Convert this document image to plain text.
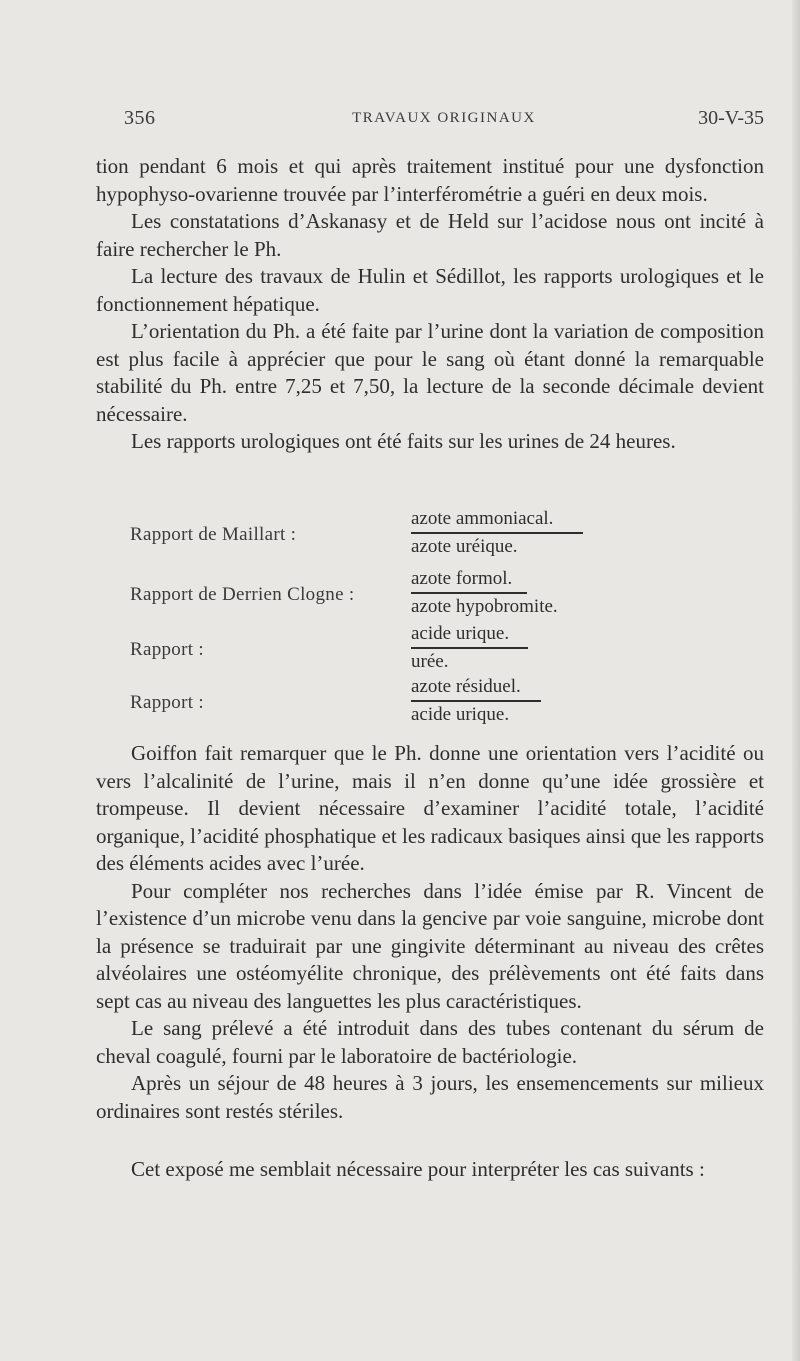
356	TRAVAUX ORIGINAUX	30-V-35

tion pendant 6 mois et qui après traitement institué pour une dysfonction hypophyso-ovarienne trouvée par l’interférométrie a guéri en deux mois.

Les constatations d’Askanasy et de Held sur l’acidose nous ont incité à faire rechercher le Ph.

La lecture des travaux de Hulin et Sédillot, les rapports urologiques et le fonctionnement hépatique.

L’orientation du Ph. a été faite par l’urine dont la variation de composition est plus facile à apprécier que pour le sang où étant donné la remarquable stabilité du Ph. entre 7,25 et 7,50, la lecture de la seconde décimale devient nécessaire.

Les rapports urologiques ont été faits sur les urines de 24 heures.

Rapport de Maillart :
azote ammoniacal.
azote uréique.
Rapport de Derrien Clogne :
azote formol.
azote hypobromite.
Rapport :
acide urique.
urée.
Rapport :
azote résiduel.
acide urique.

Goiffon fait remarquer que le Ph. donne une orientation vers l’acidité ou vers l’alcalinité de l’urine, mais il n’en donne qu’une idée grossière et trompeuse. Il devient nécessaire d’examiner l’acidité totale, l’acidité organique, l’acidité phosphatique et les radicaux basiques ainsi que les rapports des éléments acides avec l’urée.

Pour compléter nos recherches dans l’idée émise par R. Vincent de l’existence d’un microbe venu dans la gencive par voie sanguine, microbe dont la présence se traduirait par une gingivite déterminant au niveau des crêtes alvéolaires une ostéomyélite chronique, des prélèvements ont été faits dans sept cas au niveau des languettes les plus caractéristiques.

Le sang prélevé a été introduit dans des tubes contenant du sérum de cheval coagulé, fourni par le laboratoire de bactériologie.

Après un séjour de 48 heures à 3 jours, les ensemencements sur milieux ordinaires sont restés stériles.

Cet exposé me semblait nécessaire pour interpréter les cas suivants :
